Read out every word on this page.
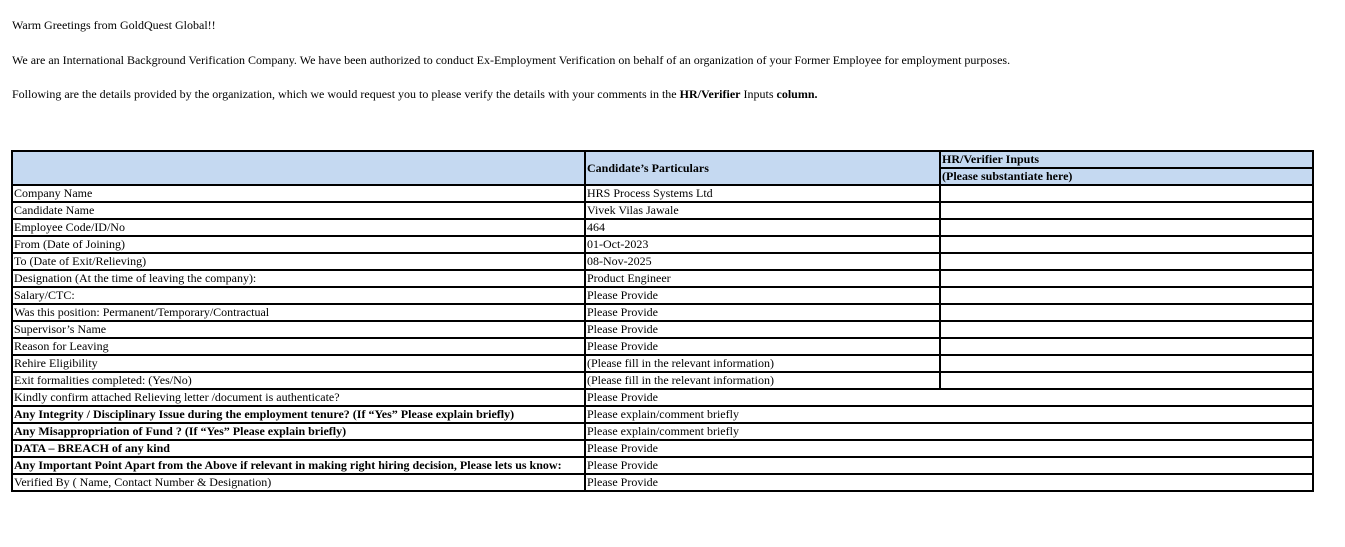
Warm Greetings from GoldQuest Global!!

We are an International Background Verification Company. We have been authorized to conduct Ex-Employment Verification on behalf of an organization of your Former Employee for employment purposes.

Following are the details provided by the organization, which we would request you to please verify the details with your comments in the HR/Verifier Inputs column.

	Candidate’s Particulars	HR/Verifier Inputs
		(Please substantiate here)
Company Name	HRS Process Systems Ltd	
Candidate Name	Vivek Vilas Jawale	
Employee Code/ID/No	464	
From (Date of Joining)	01-Oct-2023	
To (Date of Exit/Relieving)	08-Nov-2025	
Designation (At the time of leaving the company):	Product Engineer	
Salary/CTC:	Please Provide	
Was this position: Permanent/Temporary/Contractual	Please Provide	
Supervisor’s Name	Please Provide	
Reason for Leaving	Please Provide	
Rehire Eligibility	(Please fill in the relevant information)	
Exit formalities completed: (Yes/No)	(Please fill in the relevant information)	
Kindly confirm attached Relieving letter /document is authenticate?	Please Provide	
Any Integrity / Disciplinary Issue during the employment tenure? (If “Yes” Please explain briefly)	Please explain/comment briefly	
Any Misappropriation of Fund ? (If “Yes” Please explain briefly)	Please explain/comment briefly	
DATA – BREACH of any kind	Please Provide	
Any Important Point Apart from the Above if relevant in making right hiring decision, Please lets us know:	Please Provide	
Verified By ( Name, Contact Number & Designation)	Please Provide	
